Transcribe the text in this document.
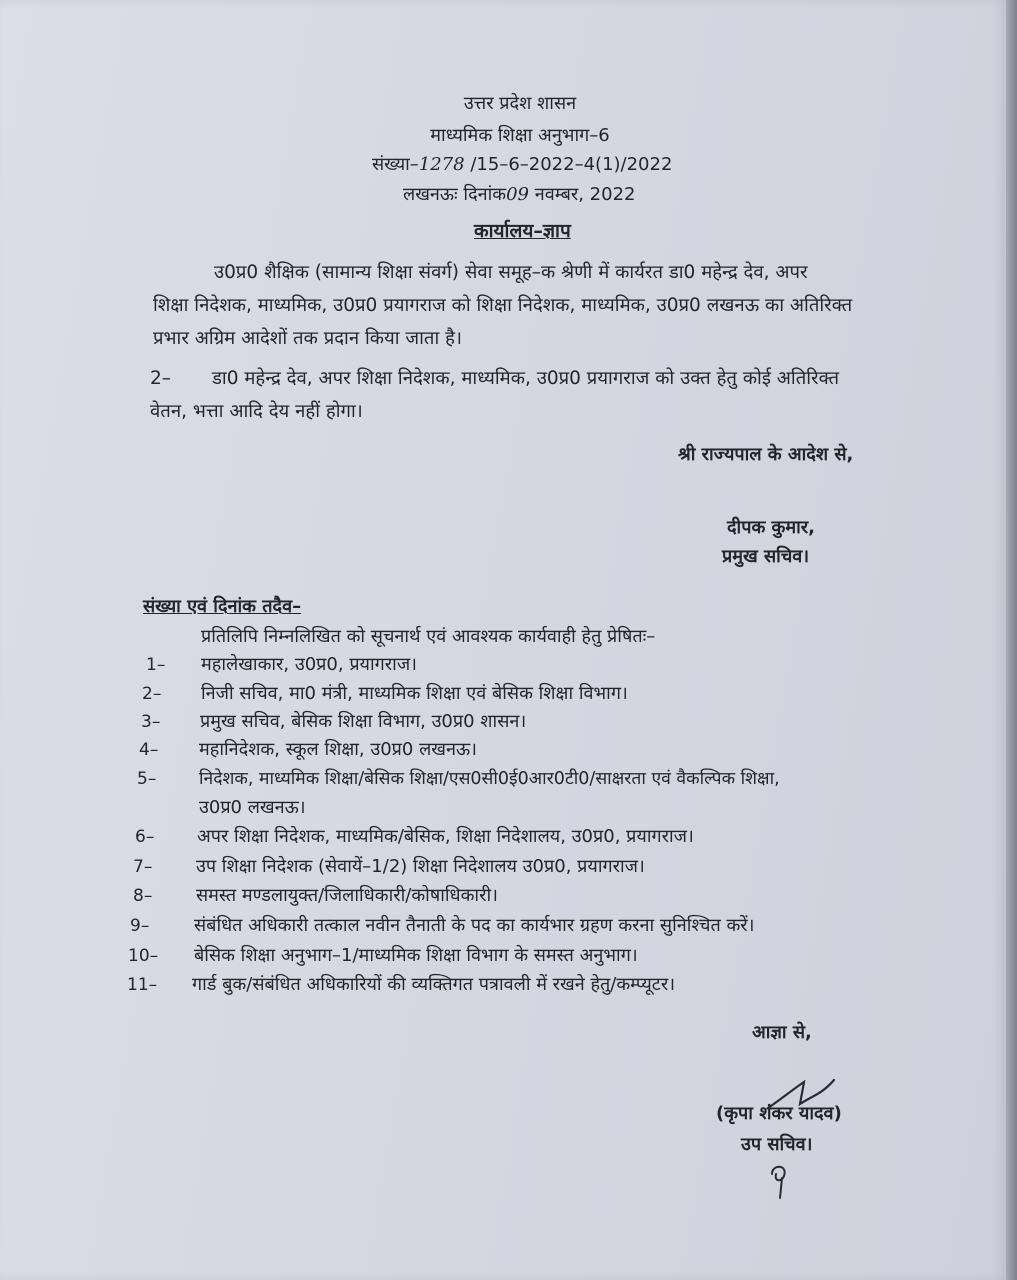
उत्तर प्रदेश शासन
माध्यमिक शिक्षा अनुभाग–6
संख्या–1278 /15–6–2022–4(1)/2022
लखनऊः दिनांक09 नवम्बर, 2022
कार्यालय–ज्ञाप
उ0प्र0 शैक्षिक (सामान्य शिक्षा संवर्ग) सेवा समूह–क श्रेणी में कार्यरत डा0 महेन्द्र देव, अपर
शिक्षा निदेशक, माध्यमिक, उ0प्र0 प्रयागराज को शिक्षा निदेशक, माध्यमिक, उ0प्र0 लखनऊ का अतिरिक्त
प्रभार अग्रिम आदेशों तक प्रदान किया जाता है।
2– डा0 महेन्द्र देव, अपर शिक्षा निदेशक, माध्यमिक, उ0प्र0 प्रयागराज को उक्त हेतु कोई अतिरिक्त
वेतन, भत्ता आदि देय नहीं होगा।
श्री राज्यपाल के आदेश से,
दीपक कुमार,
प्रमुख सचिव।
संख्या एवं दिनांक तदैव–
प्रतिलिपि निम्नलिखित को सूचनार्थ एवं आवश्यक कार्यवाही हेतु प्रेषितः–
1– महालेखाकार, उ0प्र0, प्रयागराज।
2– निजी सचिव, मा0 मंत्री, माध्यमिक शिक्षा एवं बेसिक शिक्षा विभाग।
3– प्रमुख सचिव, बेसिक शिक्षा विभाग, उ0प्र0 शासन।
4– महानिदेशक, स्कूल शिक्षा, उ0प्र0 लखनऊ।
5– निदेशक, माध्यमिक शिक्षा/बेसिक शिक्षा/एस0सी0ई0आर0टी0/साक्षरता एवं वैकल्पिक शिक्षा,
उ0प्र0 लखनऊ।
6– अपर शिक्षा निदेशक, माध्यमिक/बेसिक, शिक्षा निदेशालय, उ0प्र0, प्रयागराज।
7– उप शिक्षा निदेशक (सेवायें–1/2) शिक्षा निदेशालय उ0प्र0, प्रयागराज।
8– समस्त मण्डलायुक्त/जिलाधिकारी/कोषाधिकारी।
9– संबंधित अधिकारी तत्काल नवीन तैनाती के पद का कार्यभार ग्रहण करना सुनिश्चित करें।
10– बेसिक शिक्षा अनुभाग–1/माध्यमिक शिक्षा विभाग के समस्त अनुभाग।
11– गार्ड बुक/संबंधित अधिकारियों की व्यक्तिगत पत्रावली में रखने हेतु/कम्प्यूटर।
आज्ञा से,
(कृपा शंकर यादव)
उप सचिव।
